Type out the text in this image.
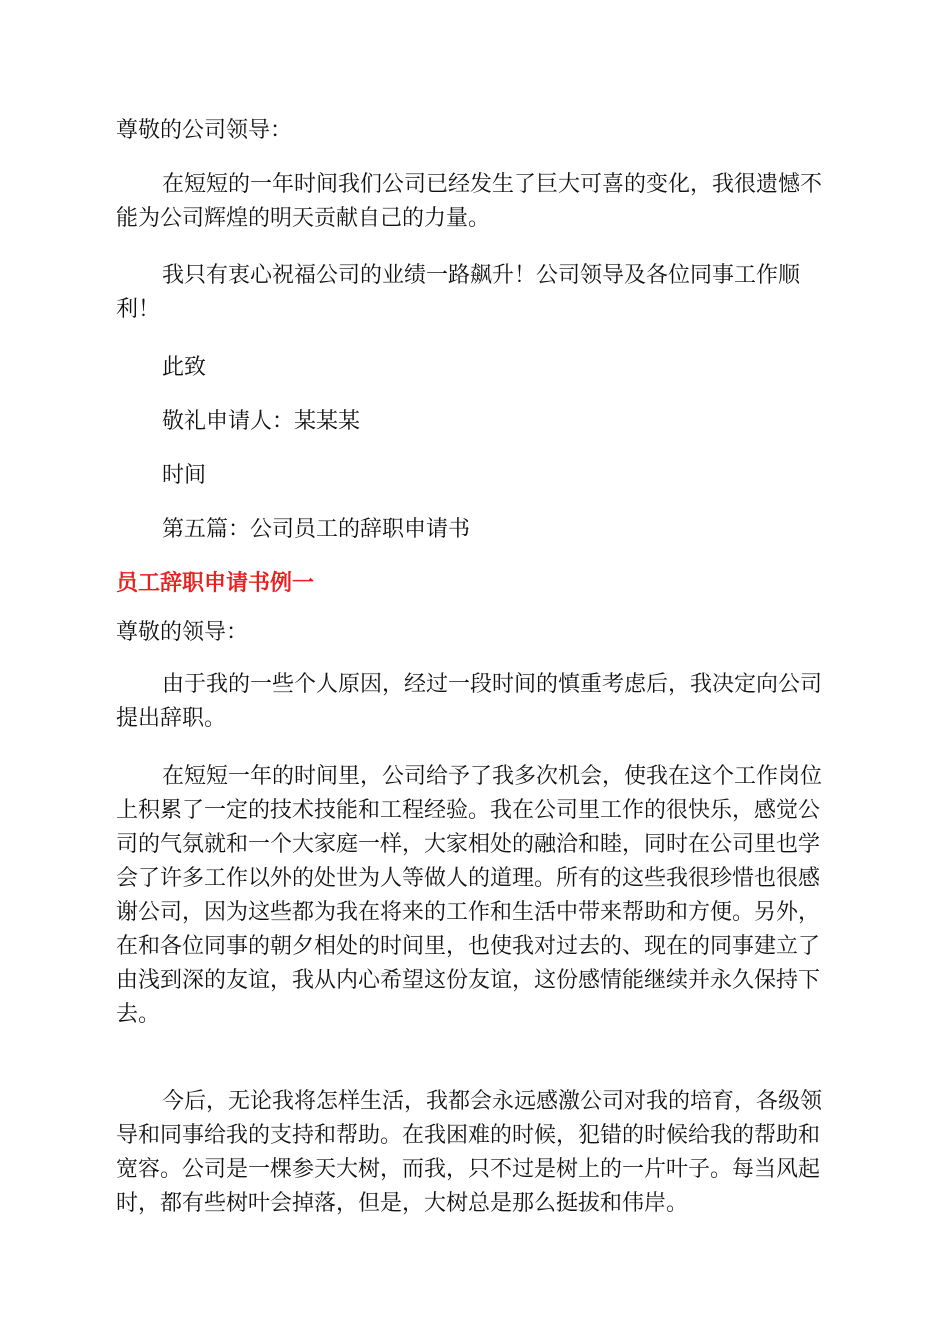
尊敬的公司领导：

在短短的一年时间我们公司已经发生了巨大可喜的变化，我很遗憾不能为公司辉煌的明天贡献自己的力量。

我只有衷心祝福公司的业绩一路飙升！公司领导及各位同事工作顺利！

此致

敬礼申请人：某某某

时间

第五篇：公司员工的辞职申请书

员工辞职申请书例一

尊敬的领导：

由于我的一些个人原因，经过一段时间的慎重考虑后，我决定向公司提出辞职。

在短短一年的时间里，公司给予了我多次机会，使我在这个工作岗位上积累了一定的技术技能和工程经验。我在公司里工作的很快乐，感觉公司的气氛就和一个大家庭一样，大家相处的融洽和睦，同时在公司里也学会了许多工作以外的处世为人等做人的道理。所有的这些我很珍惜也很感谢公司，因为这些都为我在将来的工作和生活中带来帮助和方便。另外，在和各位同事的朝夕相处的时间里，也使我对过去的、现在的同事建立了由浅到深的友谊，我从内心希望这份友谊，这份感情能继续并永久保持下去。

今后，无论我将怎样生活，我都会永远感激公司对我的培育，各级领导和同事给我的支持和帮助。在我困难的时候，犯错的时候给我的帮助和宽容。公司是一棵参天大树，而我，只不过是树上的一片叶子。每当风起时，都有些树叶会掉落，但是，大树总是那么挺拔和伟岸。
